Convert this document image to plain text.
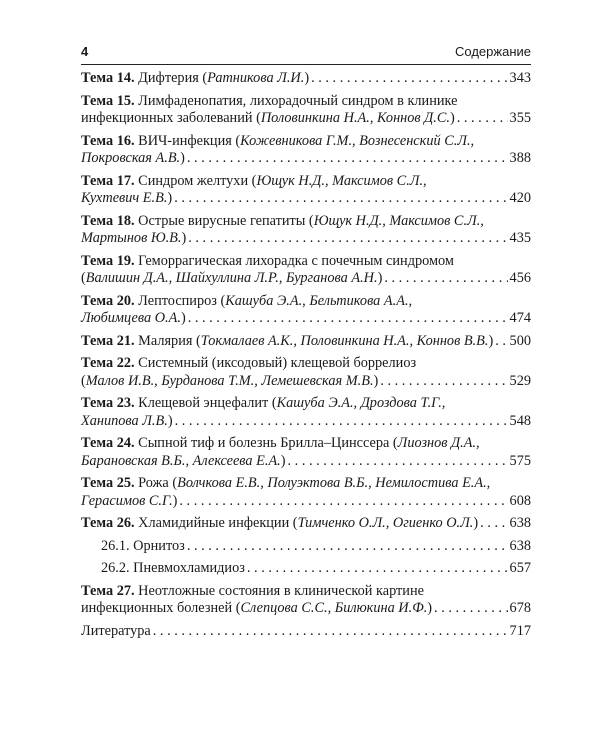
4	Содержание
Тема 14. Дифтерия (Ратникова Л.И.) . . .	343
Тема 15. Лимфаденопатия, лихорадочный синдром в клинике
инфекционных заболеваний (Половинкина Н.А., Коннов Д.С.) . . .	355
Тема 16. ВИЧ-инфекция (Кожевникова Г.М., Вознесенский С.Л.,
Покровская А.В.) . . .	388
Тема 17. Синдром желтухи (Ющук Н.Д., Максимов С.Л.,
Кухтевич Е.В.) . . .	420
Тема 18. Острые вирусные гепатиты (Ющук Н.Д., Максимов С.Л.,
Мартынов Ю.В.) . . .	435
Тема 19. Геморрагическая лихорадка с почечным синдромом
(Валишин Д.А., Шайхуллина Л.Р., Бурганова А.Н.) . . .	456
Тема 20. Лептоспироз (Кашуба Э.А., Бельтикова А.А.,
Любимцева О.А.) . . .	474
Тема 21. Малярия (Токмалаев А.К., Половинкина Н.А., Коннов В.В.) . . . 500
Тема 22. Системный (иксодовый) клещевой боррелиоз
(Малов И.В., Бурданова Т.М., Лемешевская М.В.) . . .	529
Тема 23. Клещевой энцефалит (Кашуба Э.А., Дроздова Т.Г.,
Ханипова Л.В.) . . .	548
Тема 24. Сыпной тиф и болезнь Брилла–Цинссера (Лиознов Д.А.,
Барановская В.Б., Алексеева Е.А.) . . .	575
Тема 25. Рожа (Волчкова Е.В., Полуэктова В.Б., Немилостива Е.А.,
Герасимов С.Г.) . . .	608
Тема 26. Хламидийные инфекции (Тимченко О.Л., Огиенко О.Л.) . . . 638
26.1. Орнитоз . . .	638
26.2. Пневмохламидиоз . . .	657
Тема 27. Неотложные состояния в клинической картине
инфекционных болезней (Слепцова С.С., Билюкина И.Ф.) . . .	678
Литература . . .	717
